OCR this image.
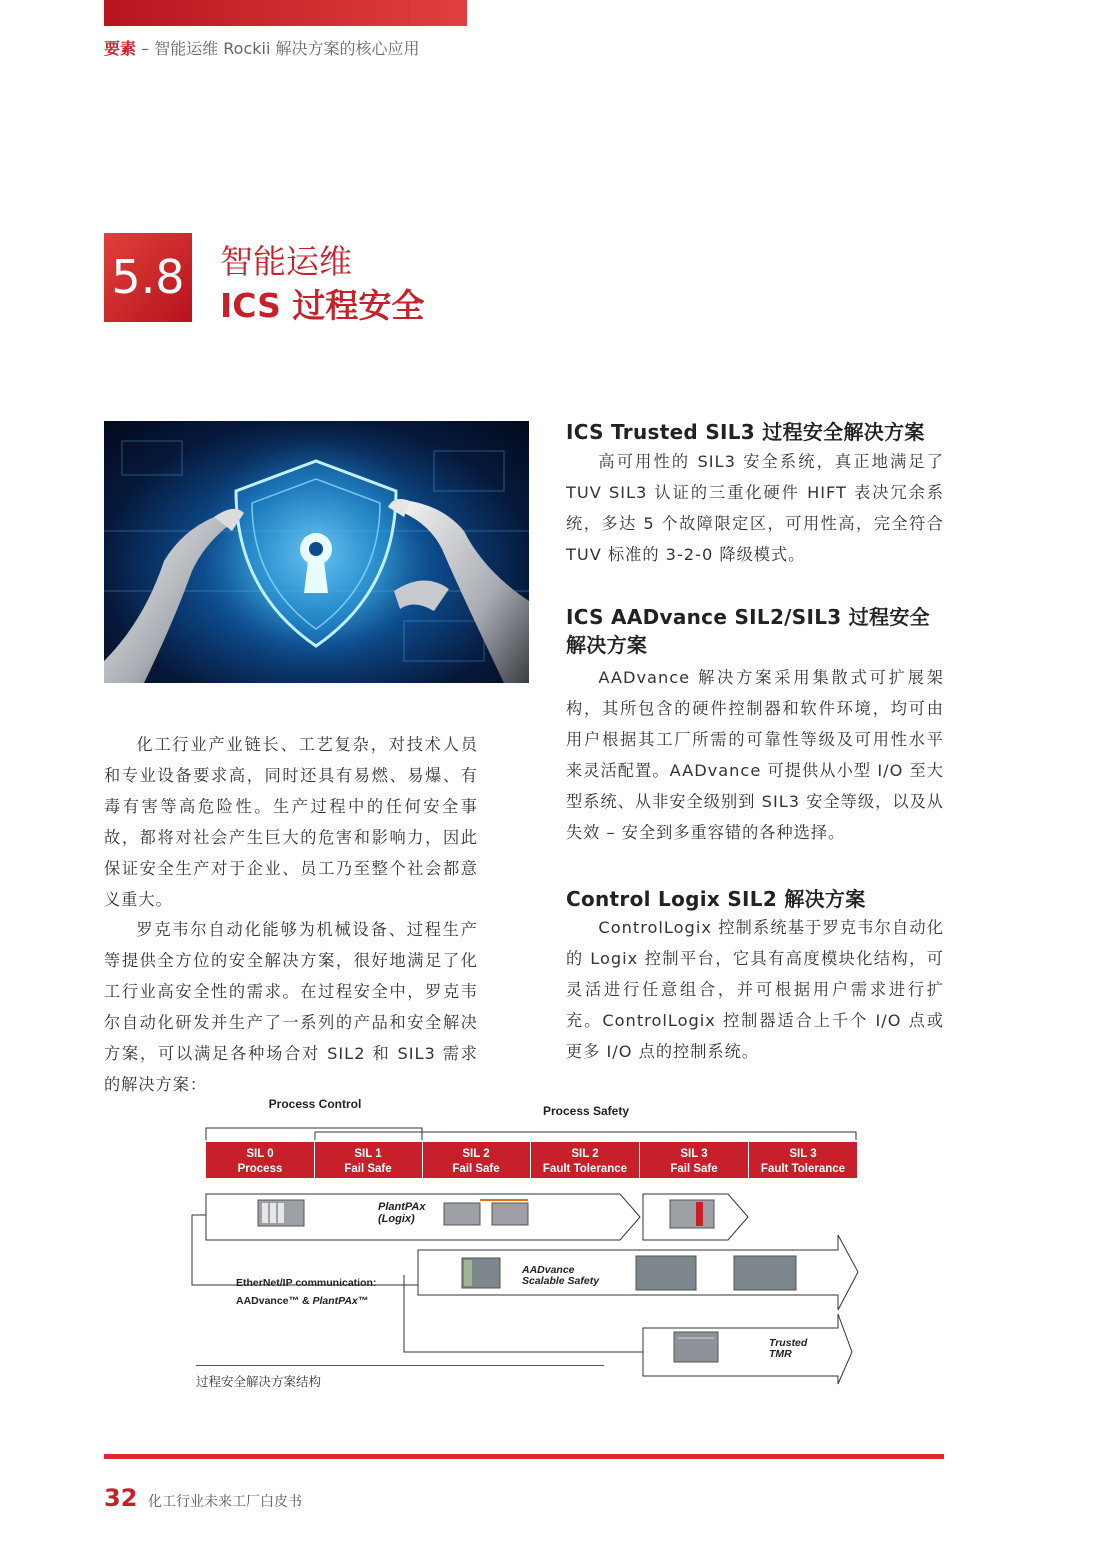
要素 – 智能运维 Rockii 解决方案的核心应用
5.8 智能运维
ICS 过程安全
化工行业产业链长、工艺复杂，对技术人员和专业设备要求高，同时还具有易燃、易爆、有毒有害等高危险性。生产过程中的任何安全事故，都将对社会产生巨大的危害和影响力，因此保证安全生产对于企业、员工乃至整个社会都意义重大。
罗克韦尔自动化能够为机械设备、过程生产等提供全方位的安全解决方案，很好地满足了化工行业高安全性的需求。在过程安全中，罗克韦尔自动化研发并生产了一系列的产品和安全解决方案，可以满足各种场合对 SIL2 和 SIL3 需求的解决方案：
ICS Trusted SIL3 过程安全解决方案
高可用性的 SIL3 安全系统，真正地满足了 TUV SIL3 认证的三重化硬件 HIFT 表决冗余系统，多达 5 个故障限定区，可用性高，完全符合 TUV 标准的 3-2-0 降级模式。
ICS AADvance SIL2/SIL3 过程安全解决方案
AADvance 解决方案采用集散式可扩展架构，其所包含的硬件控制器和软件环境，均可由用户根据其工厂所需的可靠性等级及可用性水平来灵活配置。AADvance 可提供从小型 I/O 至大型系统、从非安全级别到 SIL3 安全等级，以及从失效 – 安全到多重容错的各种选择。
Control Logix SIL2 解决方案
ControlLogix 控制系统基于罗克韦尔自动化的 Logix 控制平台，它具有高度模块化结构，可灵活进行任意组合，并可根据用户需求进行扩充。ControlLogix 控制器适合上千个 I/O 点或更多 I/O 点的控制系统。
Process Control	Process Safety
SIL 0
Process
SIL 1
Fail Safe
SIL 2
Fail Safe
SIL 2
Fault Tolerance
SIL 3
Fail Safe
SIL 3
Fault Tolerance
PlantPAx
(Logix)
EtherNet/IP communication:
AADvance™ & PlantPAx™
AADvance
Scalable Safety
Trusted
TMR
过程安全解决方案结构
32 化工行业未来工厂白皮书
